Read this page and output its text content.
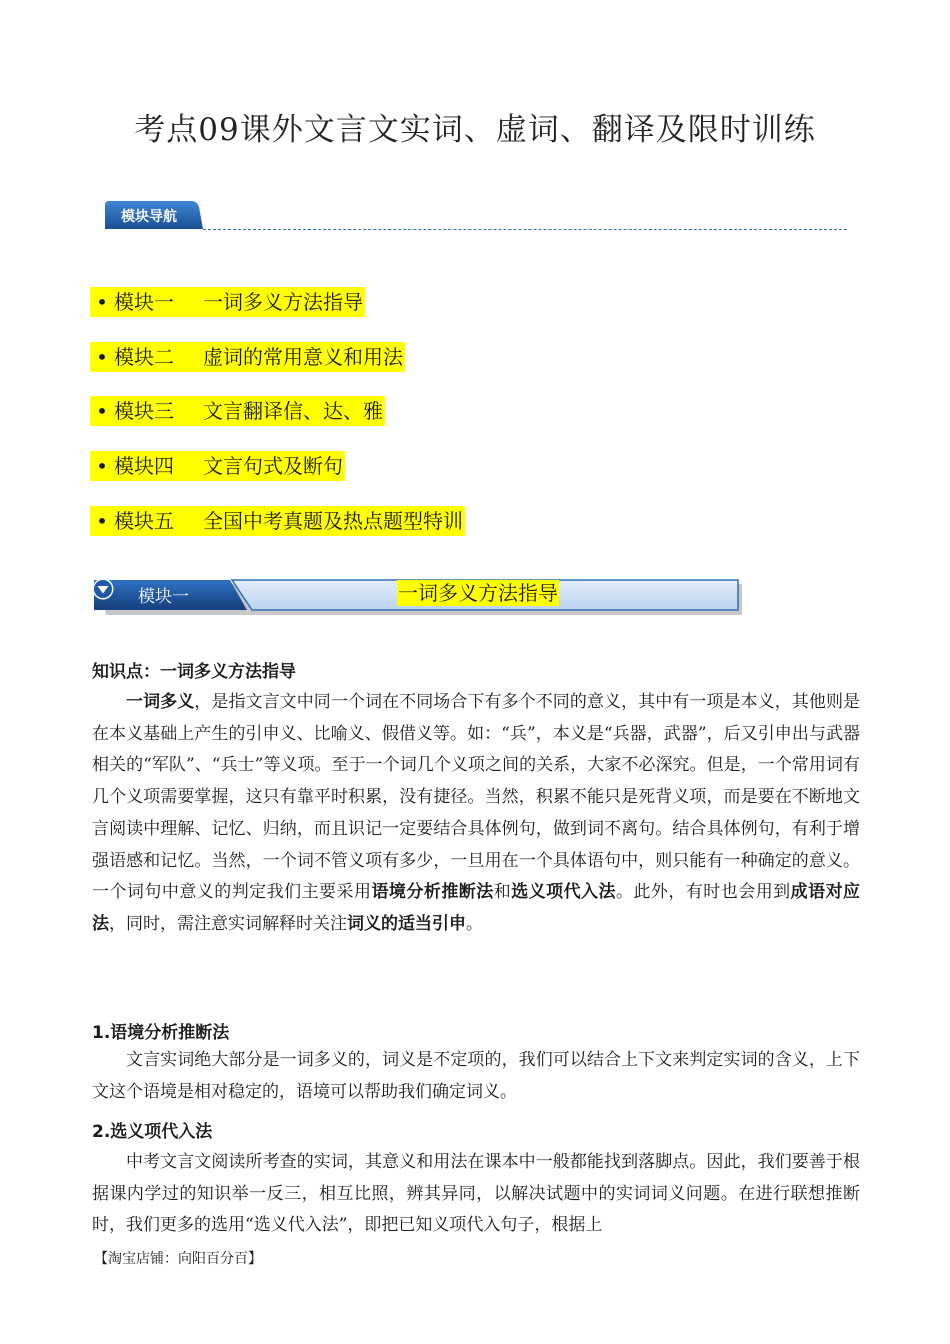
考点09课外文言文实词、虚词、翻译及限时训练
模块导航
• 模块一 一词多义方法指导
• 模块二 虚词的常用意义和用法
• 模块三 文言翻译信、达、雅
• 模块四 文言句式及断句
• 模块五 全国中考真题及热点题型特训
模块一	一词多义方法指导
知识点：一词多义方法指导

一词多义，是指文言文中同一个词在不同场合下有多个不同的意义，其中有一项是本义，其他则是在本义基础上产生的引申义、比喻义、假借义等。如：“兵”，本义是“兵器，武器”，后又引申出与武器相关的“军队”、“兵士”等义项。至于一个词几个义项之间的关系，大家不必深究。但是，一个常用词有几个义项需要掌握，这只有靠平时积累，没有捷径。当然，积累不能只是死背义项，而是要在不断地文言阅读中理解、记忆、归纳，而且识记一定要结合具体例句，做到词不离句。结合具体例句，有利于增强语感和记忆。当然，一个词不管义项有多少，一旦用在一个具体语句中，则只能有一种确定的意义。一个词句中意义的判定我们主要采用语境分析推断法和选义项代入法。此外，有时也会用到成语对应法，同时，需注意实词解释时关注词义的适当引申。

1.语境分析推断法

文言实词绝大部分是一词多义的，词义是不定项的，我们可以结合上下文来判定实词的含义，上下文这个语境是相对稳定的，语境可以帮助我们确定词义。

2.选义项代入法

中考文言文阅读所考查的实词，其意义和用法在课本中一般都能找到落脚点。因此，我们要善于根据课内学过的知识举一反三，相互比照，辨其异同，以解决试题中的实词词义问题。在进行联想推断时，我们更多的选用“选义代入法”，即把已知义项代入句子，根据上

【淘宝店铺：向阳百分百】
